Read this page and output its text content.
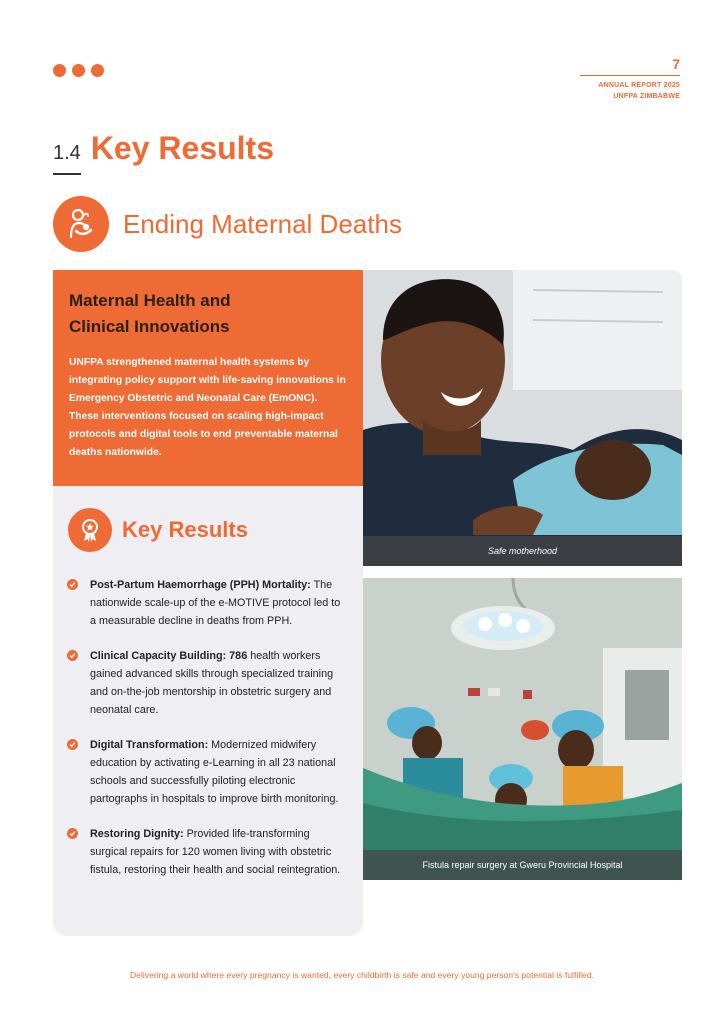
7
ANNUAL REPORT 2025
UNFPA ZIMBABWE
1.4 Key Results
Ending Maternal Deaths
Maternal Health and Clinical Innovations
UNFPA strengthened maternal health systems by integrating policy support with life-saving innovations in Emergency Obstetric and Neonatal Care (EmONC). These interventions focused on scaling high-impact protocols and digital tools to end preventable maternal deaths nationwide.
Key Results
Post-Partum Haemorrhage (PPH) Mortality: The nationwide scale-up of the e-MOTIVE protocol led to a measurable decline in deaths from PPH.
Clinical Capacity Building: 786 health workers gained advanced skills through specialized training and on-the-job mentorship in obstetric surgery and neonatal care.
Digital Transformation: Modernized midwifery education by activating e-Learning in all 23 national schools and successfully piloting electronic partographs in hospitals to improve birth monitoring.
Restoring Dignity: Provided life-transforming surgical repairs for 120 women living with obstetric fistula, restoring their health and social reintegration.
Safe motherhood
Fistula repair surgery at Gweru Provincial Hospital
Delivering a world where every pregnancy is wanted, every childbirth is safe and every young person's potential is fulfilled.
